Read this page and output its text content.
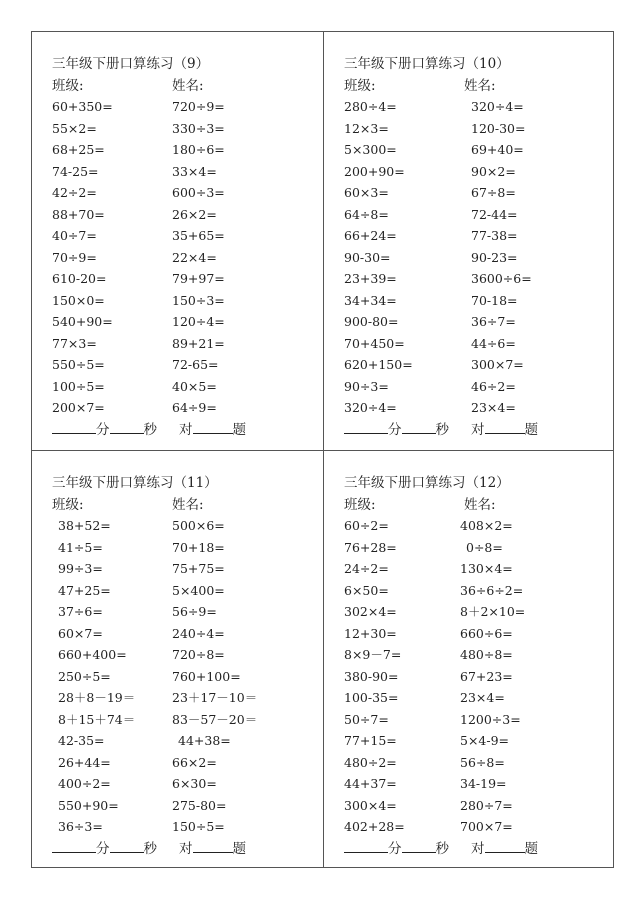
三年级下册口算练习（9）
班级:	姓名:
60+350=	720÷9=
55×2=	330÷3=
68+25=	180÷6=
74-25=	33×4=
42÷2=	600÷3=
88+70=	26×2=
40÷7=	35+65=
70÷9=	22×4=
610-20=	79+97=
150×0=	150÷3=
540+90=	120÷4=
77×3=	89+21=
550÷5=	72-65=
100÷5=	40×5=
200×7=	64÷9=
分	秒 对	题
三年级下册口算练习（10）
班级:	姓名:
280÷4=	320÷4=
12×3=	120-30=
5×300=	69+40=
200+90=	90×2=
60×3=	67÷8=
64÷8=	72-44=
66+24=	77-38=
90-30=	90-23=
23+39=	3600÷6=
34+34=	70-18=
900-80=	36÷7=
70+450=	44÷6=
620+150=	300×7=
90÷3=	46÷2=
320÷4=	23×4=
分	秒 对	题
三年级下册口算练习（11）
班级:	姓名:
38+52=	500×6=
41÷5=	70+18=
99÷3=	75+75=
47+25=	5×400=
37÷6=	56÷9=
60×7=	240÷4=
660+400=	720÷8=
250÷5=	760+100=
28＋8－19＝	23＋17－10＝
8＋15＋74＝	83－57－20＝
42-35=	44+38=
26+44=	66×2=
400÷2=	6×30=
550+90=	275-80=
36÷3=	150÷5=
分	秒 对	题
三年级下册口算练习（12）
班级:	姓名:
60÷2=	408×2=
76+28=	0÷8=
24÷2=	130×4=
6×50=	36÷6÷2=
302×4=	8＋2×10=
12+30=	660÷6=
8×9－7=	480÷8=
380-90=	67+23=
100-35=	23×4=
50÷7=	1200÷3=
77+15=	5×4-9=
480÷2=	56÷8=
44+37=	34-19=
300×4=	280÷7=
402+28=	700×7=
分	秒 对	题
